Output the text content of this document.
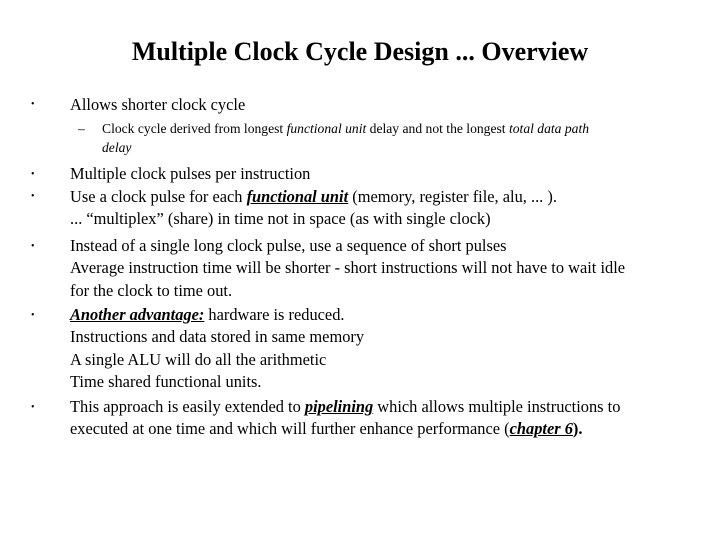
Multiple Clock Cycle Design ... Overview
•	Allows shorter clock cycle
– Clock cycle derived from longest functional unit delay and not the longest total data path
delay
•	Multiple clock pulses per instruction
•	Use a clock pulse for each functional unit (memory, register file, alu, ... ).
... “multiplex” (share) in time not in space (as with single clock)
•	Instead of a single long clock pulse, use a sequence of short pulses
Average instruction time will be shorter - short instructions will not have to wait idle
for the clock to time out.
•	Another advantage: hardware is reduced.
Instructions and data stored in same memory
A single ALU will do all the arithmetic
Time shared functional units.
•	This approach is easily extended to pipelining which allows multiple instructions to
executed at one time and which will further enhance performance (chapter 6).
